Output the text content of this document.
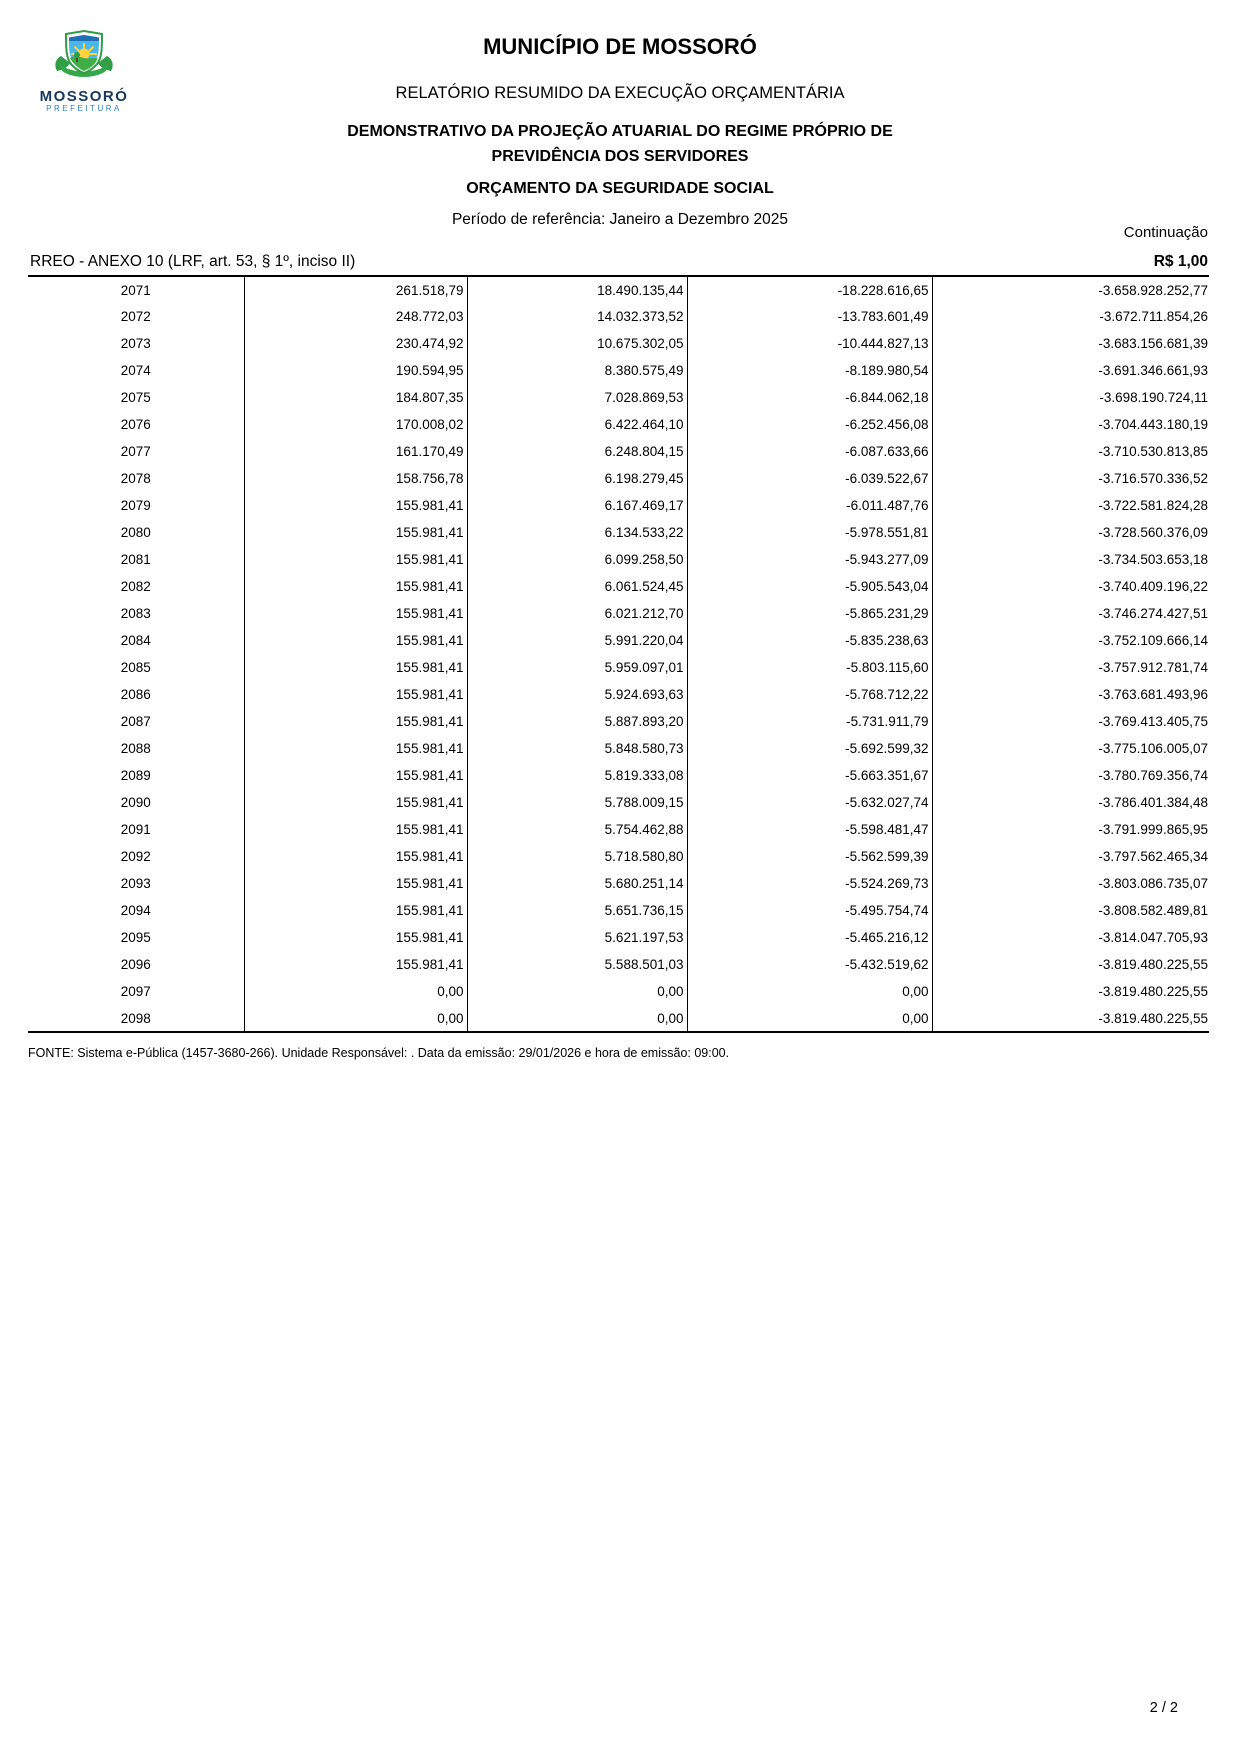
MOSSORÓ
PREFEITURA
MUNICÍPIO DE MOSSORÓ
RELATÓRIO RESUMIDO DA EXECUÇÃO ORÇAMENTÁRIA
DEMONSTRATIVO DA PROJEÇÃO ATUARIAL DO REGIME PRÓPRIO DE
PREVIDÊNCIA DOS SERVIDORES
ORÇAMENTO DA SEGURIDADE SOCIAL
Período de referência: Janeiro a Dezembro 2025
Continuação
RREO - ANEXO 10 (LRF, art. 53, § 1º, inciso II)	R$ 1,00
2071	261.518,79	18.490.135,44	-18.228.616,65	-3.658.928.252,77
2072	248.772,03	14.032.373,52	-13.783.601,49	-3.672.711.854,26
2073	230.474,92	10.675.302,05	-10.444.827,13	-3.683.156.681,39
2074	190.594,95	8.380.575,49	-8.189.980,54	-3.691.346.661,93
2075	184.807,35	7.028.869,53	-6.844.062,18	-3.698.190.724,11
2076	170.008,02	6.422.464,10	-6.252.456,08	-3.704.443.180,19
2077	161.170,49	6.248.804,15	-6.087.633,66	-3.710.530.813,85
2078	158.756,78	6.198.279,45	-6.039.522,67	-3.716.570.336,52
2079	155.981,41	6.167.469,17	-6.011.487,76	-3.722.581.824,28
2080	155.981,41	6.134.533,22	-5.978.551,81	-3.728.560.376,09
2081	155.981,41	6.099.258,50	-5.943.277,09	-3.734.503.653,18
2082	155.981,41	6.061.524,45	-5.905.543,04	-3.740.409.196,22
2083	155.981,41	6.021.212,70	-5.865.231,29	-3.746.274.427,51
2084	155.981,41	5.991.220,04	-5.835.238,63	-3.752.109.666,14
2085	155.981,41	5.959.097,01	-5.803.115,60	-3.757.912.781,74
2086	155.981,41	5.924.693,63	-5.768.712,22	-3.763.681.493,96
2087	155.981,41	5.887.893,20	-5.731.911,79	-3.769.413.405,75
2088	155.981,41	5.848.580,73	-5.692.599,32	-3.775.106.005,07
2089	155.981,41	5.819.333,08	-5.663.351,67	-3.780.769.356,74
2090	155.981,41	5.788.009,15	-5.632.027,74	-3.786.401.384,48
2091	155.981,41	5.754.462,88	-5.598.481,47	-3.791.999.865,95
2092	155.981,41	5.718.580,80	-5.562.599,39	-3.797.562.465,34
2093	155.981,41	5.680.251,14	-5.524.269,73	-3.803.086.735,07
2094	155.981,41	5.651.736,15	-5.495.754,74	-3.808.582.489,81
2095	155.981,41	5.621.197,53	-5.465.216,12	-3.814.047.705,93
2096	155.981,41	5.588.501,03	-5.432.519,62	-3.819.480.225,55
2097	0,00	0,00	0,00	-3.819.480.225,55
2098	0,00	0,00	0,00	-3.819.480.225,55
FONTE: Sistema e-Pública (1457-3680-266). Unidade Responsável: . Data da emissão: 29/01/2026 e hora de emissão: 09:00.
2 / 2
